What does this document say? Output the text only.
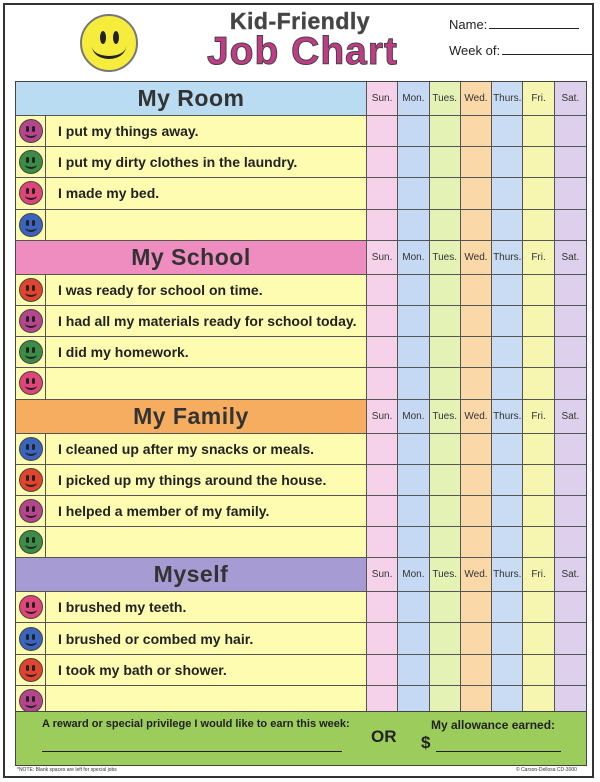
Kid-Friendly
Job Chart
Name:
Week of:
My Room	Sun. Mon. Tues. Wed. Thurs. Fri.	Sat.
I put my things away.
I put my dirty clothes in the laundry.
I made my bed.
My School	Sun. Mon. Tues. Wed. Thurs. Fri.	Sat.
I was ready for school on time.
I had all my materials ready for school today.
I did my homework.
My Family	Sun. Mon. Tues. Wed. Thurs. Fri.	Sat.
I cleaned up after my snacks or meals.
I picked up my things around the house.
I helped a member of my family.
Myself	Sun. Mon. Tues. Wed. Thurs. Fri.	Sat.
I brushed my teeth.
I brushed or combed my hair.
I took my bath or shower.
A reward or special privilege I would like to earn this week:
OR
My allowance earned:
$
*NOTE: Blank spaces are left for special jobs	© Carson-Dellosa CD-3000
